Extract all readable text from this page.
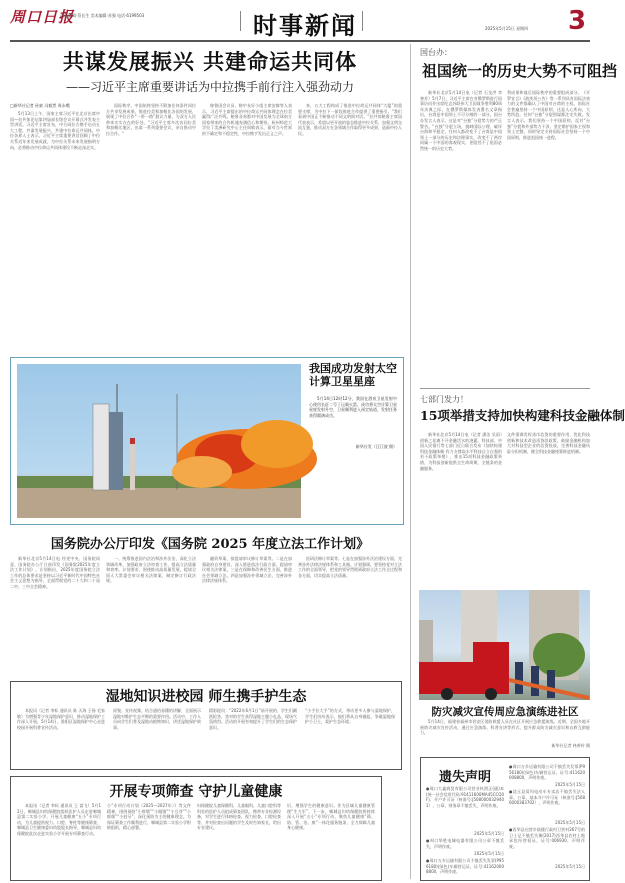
周口日报
责任编辑·蔡长生 美术编辑·苏强 电话·6199503	时事新闻	2025年5月15日 星期四 3
共谋发展振兴 共建命运共同体
——习近平主席重要讲话为中拉携手前行注入强劲动力
□新华社记者 孙東 冯毅然 周永峨
5月13日上午，国家主席习近平在北京出席中国—拉共体论坛第四届部长级会议开幕式并发表主旨讲话。习近平主席宣布，中方同拉方携手启动五大工程，共谋发展振兴，共建中拉命运共同体。中拉各界人士表示，习近平主席重要讲话回顾了中拉关系近年来发展成就，为中拉关系未来发展指明方向，必将推动中拉命运共同体建设不断走深走实。
国际秩序，中国始终坚持不附加任何条件同拉方共享发展成果。推进拉美和加勒比各国的发展，展现了中拉合作“一带一路”倡议力量，为双方人民带来实实在在的好处。“习近平主席多次访问拉美和加勒比地区，出席一系列重要会议，亲自推动中拉合作。”
秘鲁国会议员、秘中友好小组主席安黎等人表示，习近平主席提出的中拉命运共同体理念在拉美赢得广泛共鸣。秘鲁各界都对中国发展为全球南方国家带来的合作机遇充满信心和期待。杭州师范大学拉丁美洲研究中心主任周敏表示，面对当今世界的不确定和不稳定性，中拉携手发出正义之声。
来，五大工程构成了推进中拉命运共同体“大厦”的重要支撑，为中拉下一阶段推进合作提供了重要指引。“我们看到中国正不断推动不同文明间对话。”拉共体秘鲁主席国代表表示，希望以更开放的姿态推进中拉关系，加强文明交流互鉴，推动双方在各领域合作取得更多成果，造福中拉人民。
我国成功发射太空计算卫星星座
5月14日12时12分，我国在酒泉卫星发射中心使用长征二号丁运载火箭，成功将太空计算卫星星座发射升空，卫星顺利进入预定轨道，发射任务获得圆满成功。
新华社发（汪江波 摄）
国务院办公厅印发《国务院 2025 年度立法工作计划》
新华社北京5月14日电 经党中央、国务院同意，国务院办公厅日前印发《国务院2025年度立法工作计划》。计划指出，2025年度国务院立法工作的总体要求是坚持以习近平新时代中国特色社会主义思想为指导，全面贯彻党的二十大和二十届二中、三中全会精神。
一、统筹推进国内法治和涉外法治，深化立法领域改革，加强政府立法审查工作，提高立法质量和效率。计划要求，围绕推动高质量发展，提请全国人大常委会审议相关法律案，制定修订行政法规。
融资草案、拟提请审议修订草案等。二是在加强政府自身建设、深入推进依法行政方面，提请审议相关法律案。三是在保障和改善民生方面，推进社会领域立法。四是加强涉外领域立法，完善涉外法律法规体系。
医研法修订草案等。七是在加强涉外法治建设方面，完善涉外法律法规体系和工具箱。计划强调，要坚持党对立法工作的全面领导，把党的领导贯彻到政府立法工作全过程和各方面，切实提高立法质量。
湿地知识进校园 师生携手护生态
本报讯（记者 李标 通讯员 陈 天海 王扬 毛家敏）为增强青少年湿地保护意识，推动湿地保护工作深入开展，5月14日，淮阳区湿地保护中心走进校园开展科普宣传活动。
原貌、宣传视频，结合通俗易懂的讲解，全面展示湿地对维护生态平衡的重要作用。活动中，工作人员向学生们普及湿地动植物知识，讲述湿地保护故事。
精彩提问：“2022年6月1日”前开展的，学生们踊跃抢答，答对的学生获得湿地主题小礼品，现场气氛热烈。活动的开展有效提升了学生们的生态保护意识。
“小手拉大手”的方式，带动更多人参与湿地保护，学生们纷纷表示，他们将从自身做起，争做湿地保护小卫士，爱护生态环境。
开展专项筛查 守护儿童健康
本报讯（记者 李标 通讯员 王 富飞）5月12日，郸城县妇幼保健院组织医护人员走进郸城县第二实验小学，开展儿童健康“五小”专项行动，为儿童提供视力、口腔、脊柱等健康筛查，郸城县卫生健康委妇幼股股长指导。郸城县妇幼保健院此次走进实验小学开展专项筛查行动。
小”专项行动计划（2025—2027年）》等文件精神，围绕预防“小胖墩”“小眼镜”“小豆芽”“小郁郁”“小蛀牙”，深化预防为主的健康理念。为保证筛查工作顺利进行，郸城县第二实验小学积极组织，精心部署。
妇保健院儿童保健科、儿童眼科、儿童口腔科等科室的医护人员组成筛查团队，携带专业检测设备，对学生进行体格检查、视力检查、口腔检查等，并对检查出问题的学生及时告知家长，给出专业建议。
识，增强学生的健康意识。作为区域儿童健康管理“生力军”，下一步，郸城县妇幼保健院将持续深入开展“五小”专项行动，聚焦儿童健康“筛、防、管、治、康”一体化服务链条，全力保障儿童身心健康。
国台办：
祖国统一的历史大势不可阻挡
新华社北京5月14日电（记者 石龙洪 李寒芳）5月7日，习近平主席在对俄罗斯进行国事访问并出席纪念苏联伟大卫国战争胜利80周年庆典之际，在俄罗斯媒体发表署名文章指出，台湾是中国领土不可分割的一部分。国台办发言人表示，这是对“台独”分裂势力的严正警告。“台独”分裂立场，挑衅国际公理，破坏台海和平稳定，任何人都改变不了台湾是中国领土一部分的历史和法理事实，改变不了两岸同属一个中国的客观现实，更阻挡不了祖国必然统一的历史大势。
利成果和战后国际秩序的重要组成部分。《开罗宣言》《波茨坦公告》等一系列具有国际法效力的文件都确认了中国对台湾的主权。国际社会普遍坚持一个中国原则，这是人心所向、大势所趋。任何“台独”分裂图谋都注定失败。发言人表示，我们坚持一个中国原则，反对“台独”分裂和外部势力干涉，坚定维护国家主权和领土完整，同时坚定支持国际社会坚持一个中国原则，推进祖国统一进程。
七部门发力！
15项举措支持加快构建科技金融体制
新华社北京5月14日电（记者 潘洁 吴雨）创新之花离不开金融活水的浇灌。科技部、中国人民银行等七部门近日联合发布《加快构建科技金融体制 有力支撑高水平科技自立自强的若干政策举措》，推出15项科技金融政策举措，为科技创新提供全生命周期、全链条的金融服务。
文件强调发挥货币信贷的重要作用，优化科技创新和技术改造再贷款政策，鼓励金融机构加大对科技型企业的信贷投放，完善科技金融风险分担机制，健全科技金融统筹推进机制。
防灾减灾宣传周应急演练进社区
5月14日，福建省福州市晋安区消防救援人员在社区开展应急救援演练。近期，全国多地开展防灾减灾宣传活动，通过应急演练、科普宣讲等形式，提升群众防灾减灾意识和自救互救能力。
新华社记者 林善传 摄
遗失声明
●周口大鑫商贸有限公司营业执照正(副)本(统一社会信用代码:91411600MA45CCQ0F)、开户许可证（核准号:J5080000329401）、公章、财务章不慎丢失，声明作废。
2025年5月15日
●周口华胜电城电器有限公司公章不慎丢失，声明作废。
2025年5月15日
●周口万乡运输有限公司不慎丢失发票(P956180)(绿色)车辆营运证，证号:411620008800，声明作废。
●周口万乡运输有限公司不慎丢失发票(P956180)(绿色)车辆营运证，证号:411620008800，声明作废。
2025年5月15日
●沈丘县爱玛电动车专卖店不慎丢失法人章、公章、基本开户许可证（核准号:J5080000383702），声明作废。
2025年5月15日
●西华县迟营乡陆楼行政村卫营村267号的卫士记不慎丢失豫(2017)西华县农村土地承包经营权证，证号:006930，声明作废。
2025年5月15日
